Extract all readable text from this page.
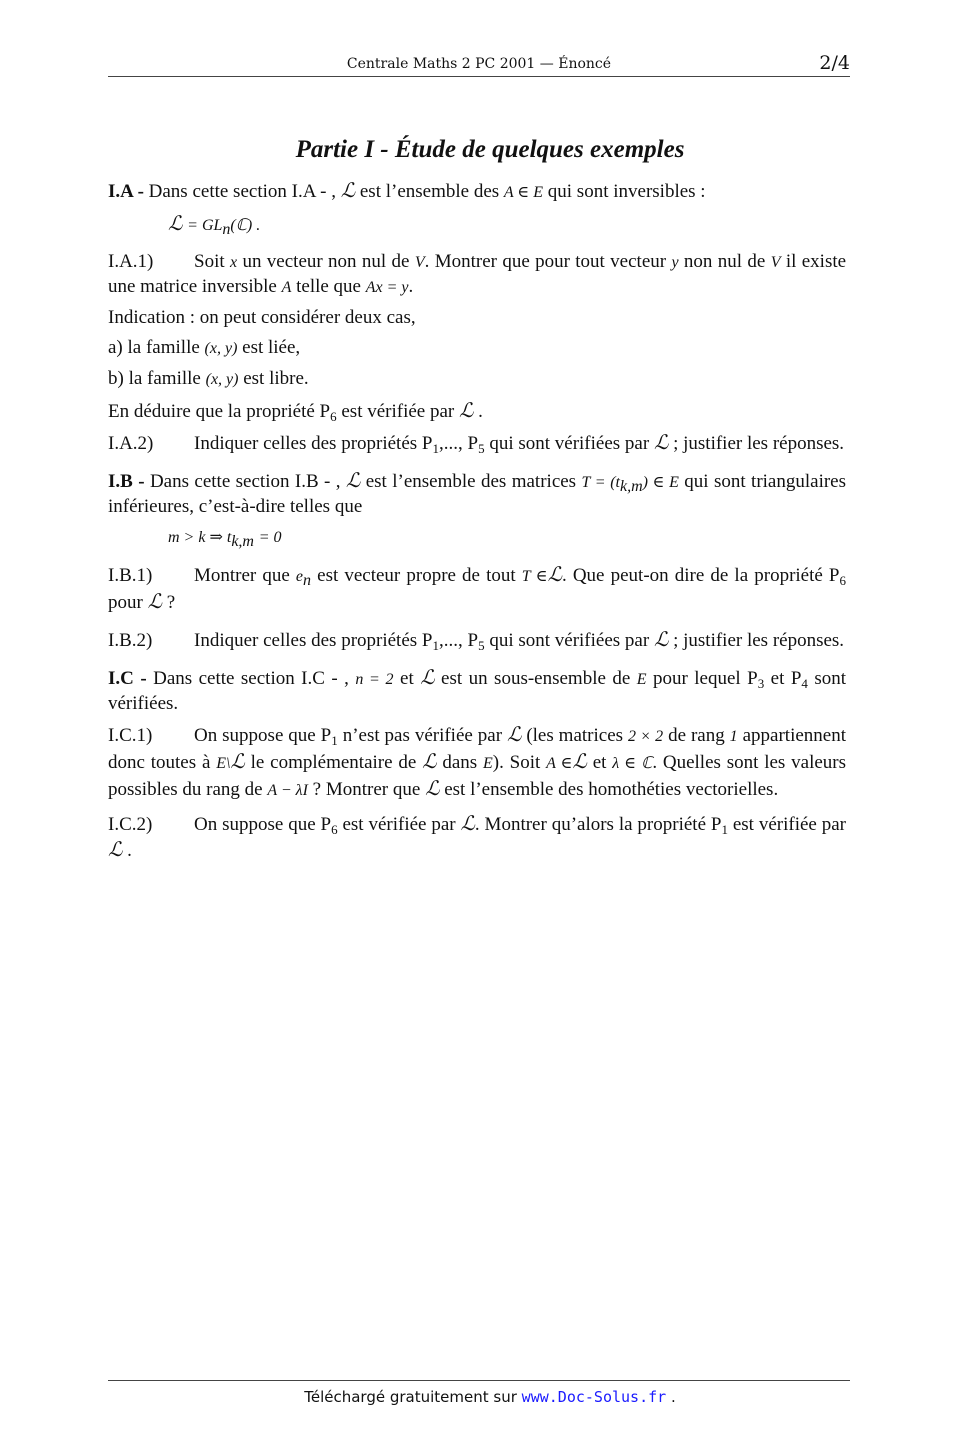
Centrale Maths 2 PC 2001 — Énoncé	2/4
Partie I - Étude de quelques exemples

I.A - Dans cette section I.A - , ℒ est l’ensemble des A ∈ E qui sont inversibles :

ℒ = $GL_n(ℂ)$ .

I.A.1) Soit x un vecteur non nul de V. Montrer que pour tout vecteur y non nul de V il existe une matrice inversible A telle que Ax = y.

Indication : on peut considérer deux cas,

a) la famille (x, y) est liée,

b) la famille (x, y) est libre.

En déduire que la propriété $P_6$ est vérifiée par ℒ .

I.A.2) Indiquer celles des propriétés $P_1$,..., $P_5$ qui sont vérifiées par ℒ ; justifier les réponses.

I.B - Dans cette section I.B - , ℒ est l’ensemble des matrices $T = (t_{k,m})$ ∈ E qui sont triangulaires inférieures, c’est-à-dire telles que

m > k ⇒ $t_{k,m} = 0$

I.B.1) Montrer que $e_n$ est vecteur propre de tout T ∈ℒ. Que peut-on dire de la propriété $P_6$ pour ℒ ?

I.B.2) Indiquer celles des propriétés $P_1$,..., $P_5$ qui sont vérifiées par ℒ ; justifier les réponses.

I.C - Dans cette section I.C - , n = 2 et ℒ est un sous-ensemble de E pour lequel $P_3$ et $P_4$ sont vérifiées.

I.C.1) On suppose que $P_1$ n’est pas vérifiée par ℒ (les matrices 2 × 2 de rang 1 appartiennent donc toutes à E\ℒ le complémentaire de ℒ dans E). Soit A ∈ℒ et λ ∈ ℂ. Quelles sont les valeurs possibles du rang de A − λI ? Montrer que ℒ est l’ensemble des homothéties vectorielles.

I.C.2) On suppose que $P_6$ est vérifiée par ℒ. Montrer qu’alors la propriété $P_1$ est vérifiée par ℒ .

Téléchargé gratuitement sur www.Doc-Solus.fr .
